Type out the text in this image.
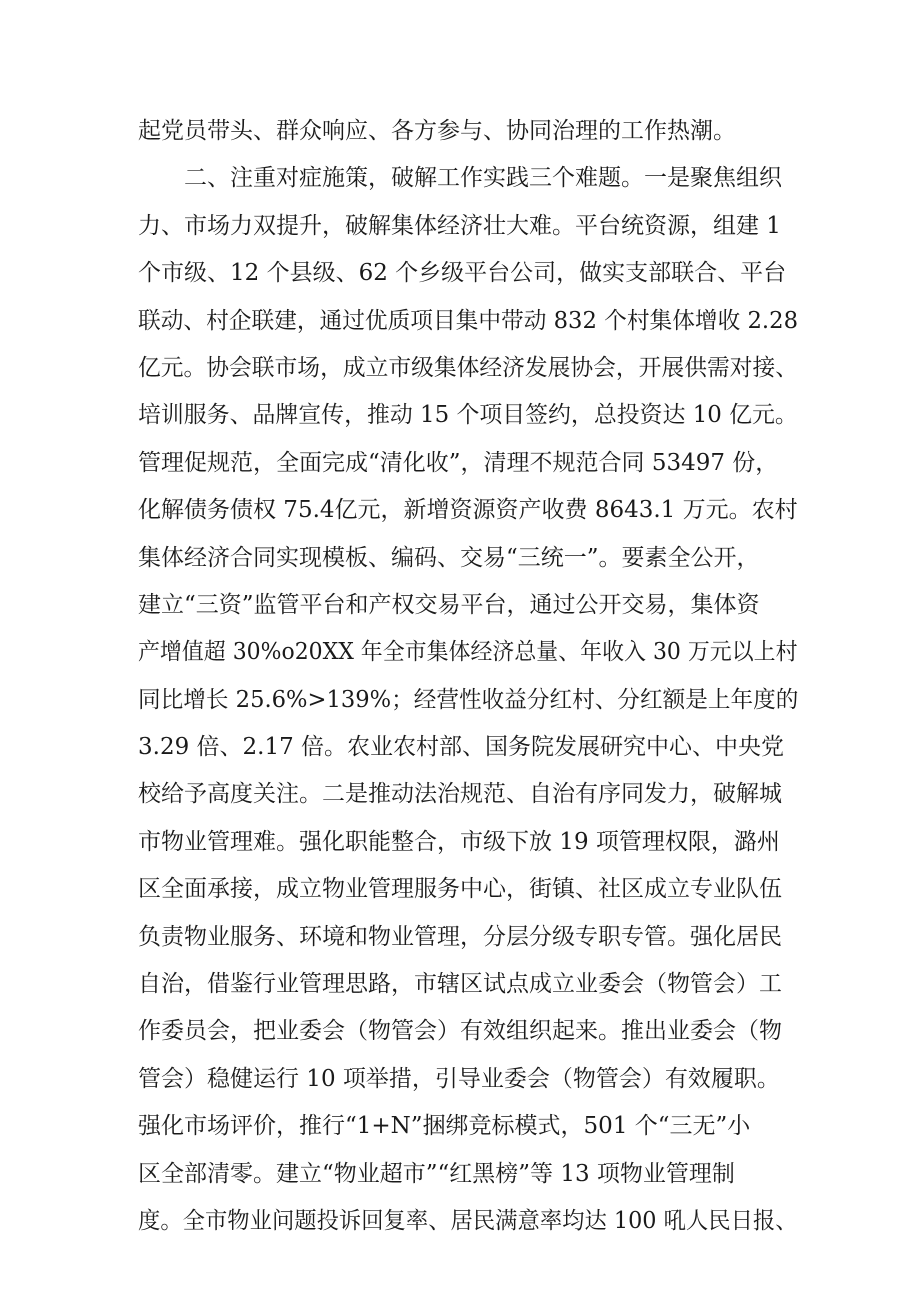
起党员带头、群众响应、各方参与、协同治理的工作热潮。
二、注重对症施策，破解工作实践三个难题。一是聚焦组织
力、市场力双提升，破解集体经济壮大难。平台统资源，组建 1
个市级、12 个县级、62 个乡级平台公司，做实支部联合、平台
联动、村企联建，通过优质项目集中带动 832 个村集体增收 2.28
亿元。协会联市场，成立市级集体经济发展协会，开展供需对接、
培训服务、品牌宣传，推动 15 个项目签约，总投资达 10 亿元。
管理促规范，全面完成“清化收”，清理不规范合同 53497 份，
化解债务债权 75.4亿元，新增资源资产收费 8643.1 万元。农村
集体经济合同实现模板、编码、交易“三统一”。要素全公开，
建立“三资”监管平台和产权交易平台，通过公开交易，集体资
产增值超 30%o20XX 年全市集体经济总量、年收入 30 万元以上村
同比增长 25.6%>139%；经营性收益分红村、分红额是上年度的
3.29 倍、2.17 倍。农业农村部、国务院发展研究中心、中央党
校给予高度关注。二是推动法治规范、自治有序同发力，破解城
市物业管理难。强化职能整合，市级下放 19 项管理权限，潞州
区全面承接，成立物业管理服务中心，街镇、社区成立专业队伍
负责物业服务、环境和物业管理，分层分级专职专管。强化居民
自治，借鉴行业管理思路，市辖区试点成立业委会（物管会）工
作委员会，把业委会（物管会）有效组织起来。推出业委会（物
管会）稳健运行 10 项举措，引导业委会（物管会）有效履职。
强化市场评价，推行“1+N”捆绑竞标模式，501 个“三无”小
区全部清零。建立“物业超市”“红黑榜”等 13 项物业管理制
度。全市物业问题投诉回复率、居民满意率均达 100 吼人民日报、
